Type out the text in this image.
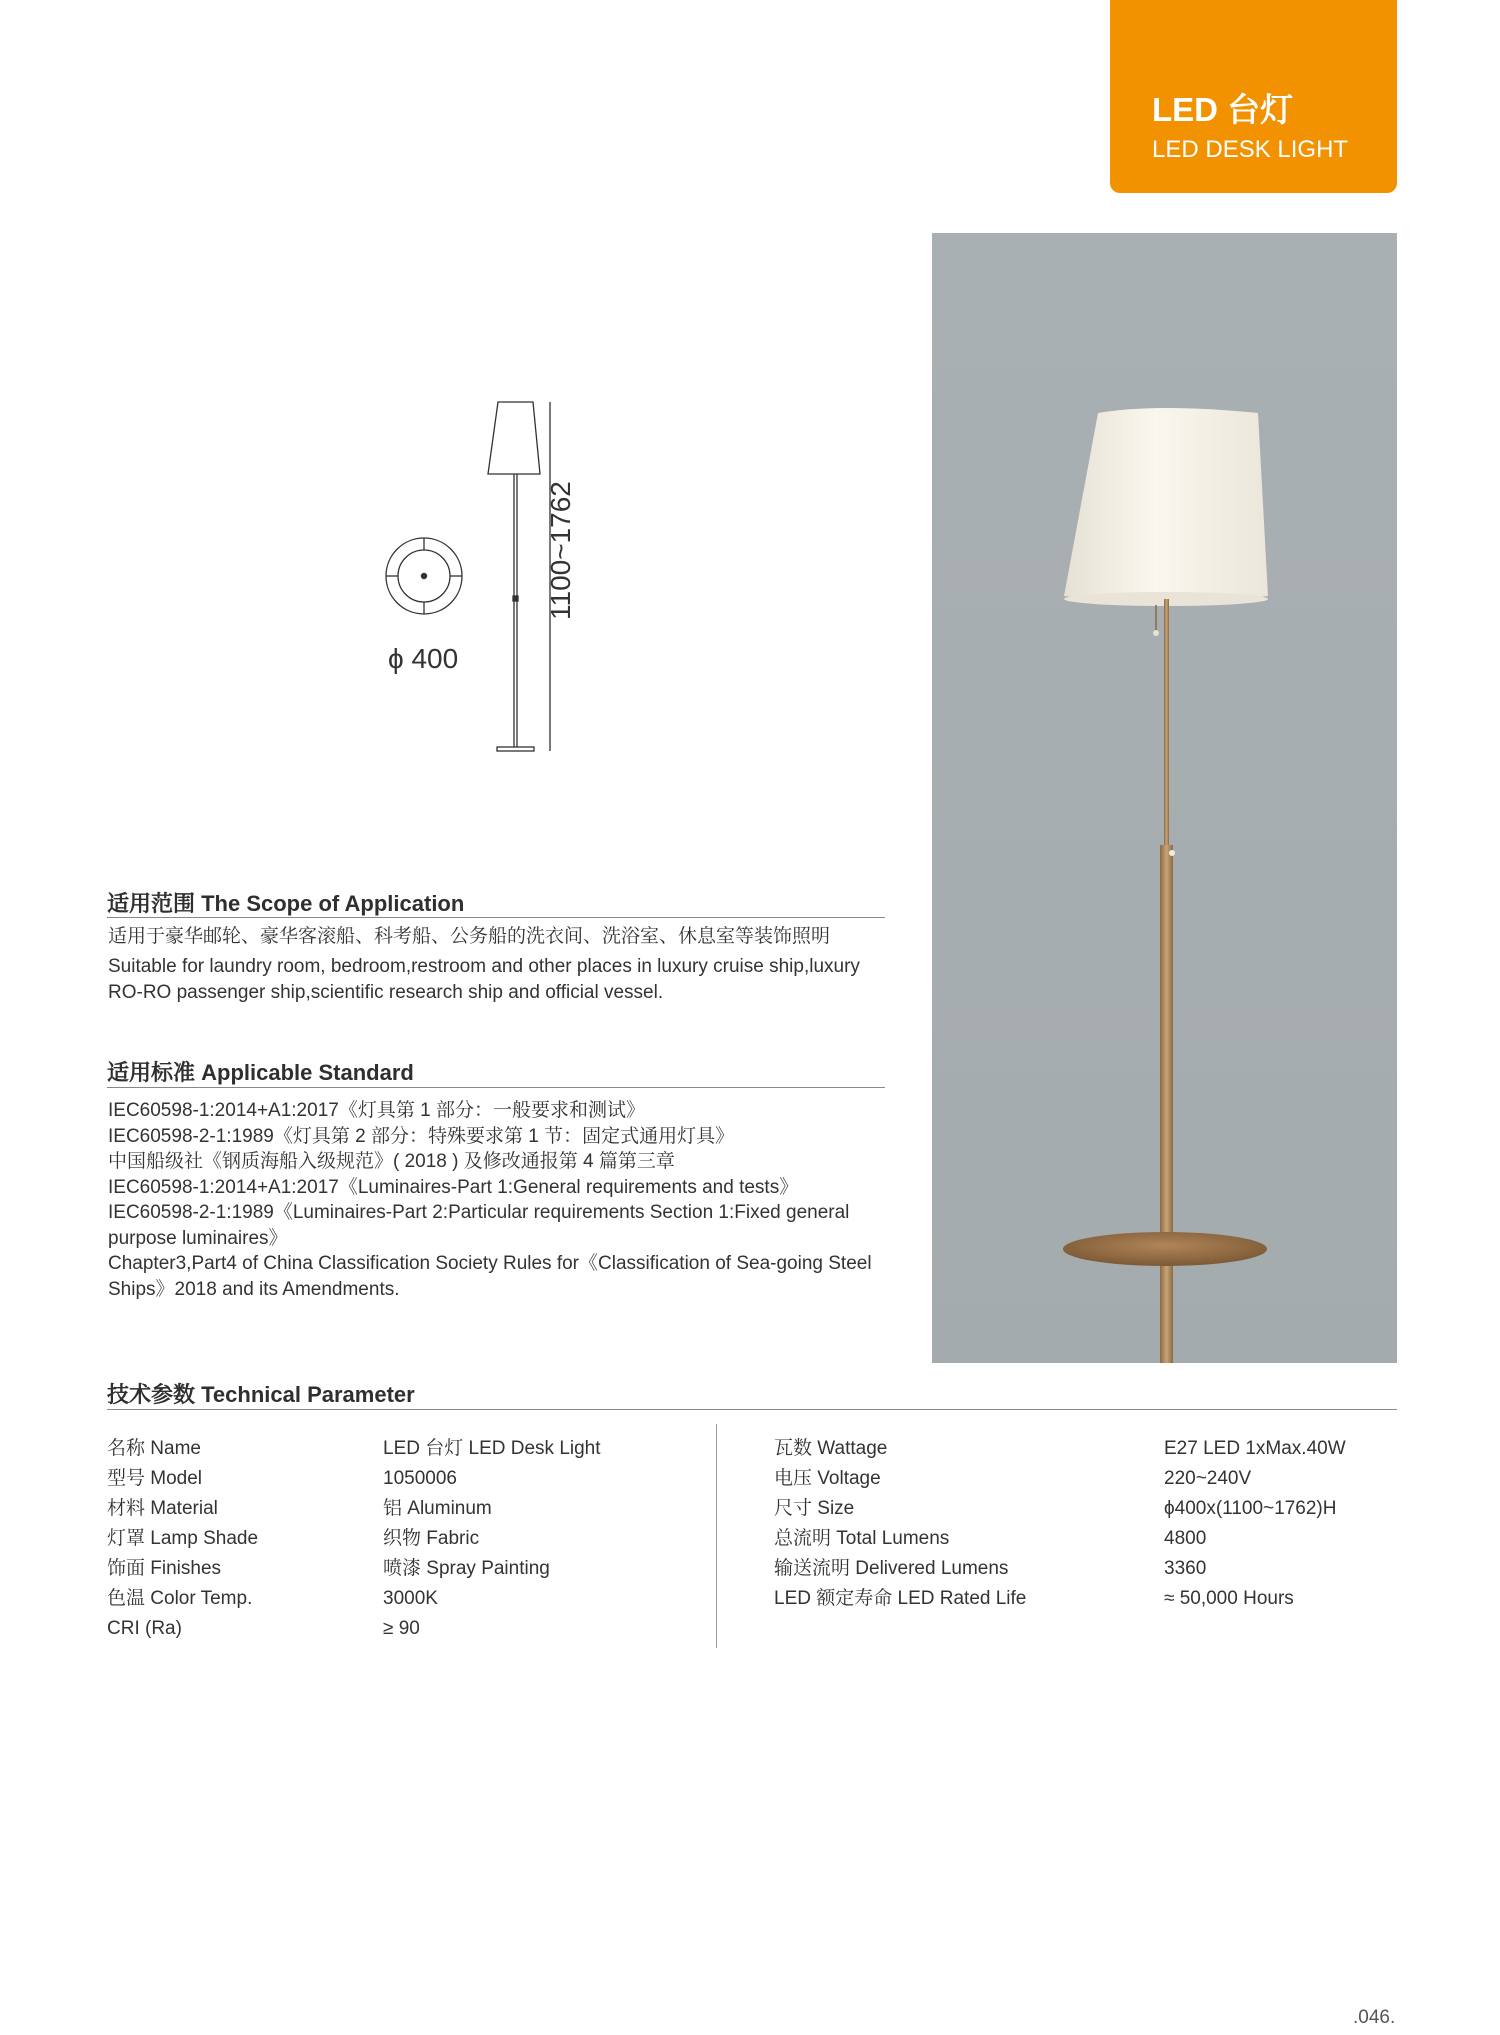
LED 台灯
LED DESK LIGHT
ϕ 400
1100~1762
适用范围 The Scope of Application

适用于豪华邮轮、豪华客滚船、科考船、公务船的洗衣间、洗浴室、休息室等装饰照明

Suitable for laundry room, bedroom,restroom and other places in luxury cruise ship,luxury RO-RO passenger ship,scientific research ship and official vessel.

适用标准 Applicable Standard

IEC60598-1:2014+A1:2017《灯具第 1 部分：一般要求和测试》

IEC60598-2-1:1989《灯具第 2 部分：特殊要求第 1 节：固定式通用灯具》

中国船级社《钢质海船入级规范》( 2018 ) 及修改通报第 4 篇第三章

IEC60598-1:2014+A1:2017《Luminaires-Part 1:General requirements and tests》

IEC60598-2-1:1989《Luminaires-Part 2:Particular requirements Section 1:Fixed general purpose luminaires》

Chapter3,Part4 of China Classification Society Rules for《Classification of Sea-going Steel Ships》2018 and its Amendments.

技术参数 Technical Parameter
名称 Name	LED 台灯 LED Desk Light
型号 Model	1050006
材料 Material	铝 Aluminum
灯罩 Lamp Shade	织物 Fabric
饰面 Finishes	喷漆 Spray Painting
色温 Color Temp.	3000K
CRI (Ra)	≥ 90
瓦数 Wattage	E27 LED 1xMax.40W
电压 Voltage	220~240V
尺寸 Size	ϕ400x(1100~1762)H
总流明 Total Lumens	4800
输送流明 Delivered Lumens	3360
LED 额定寿命 LED Rated Life	≈ 50,000 Hours
.046.
